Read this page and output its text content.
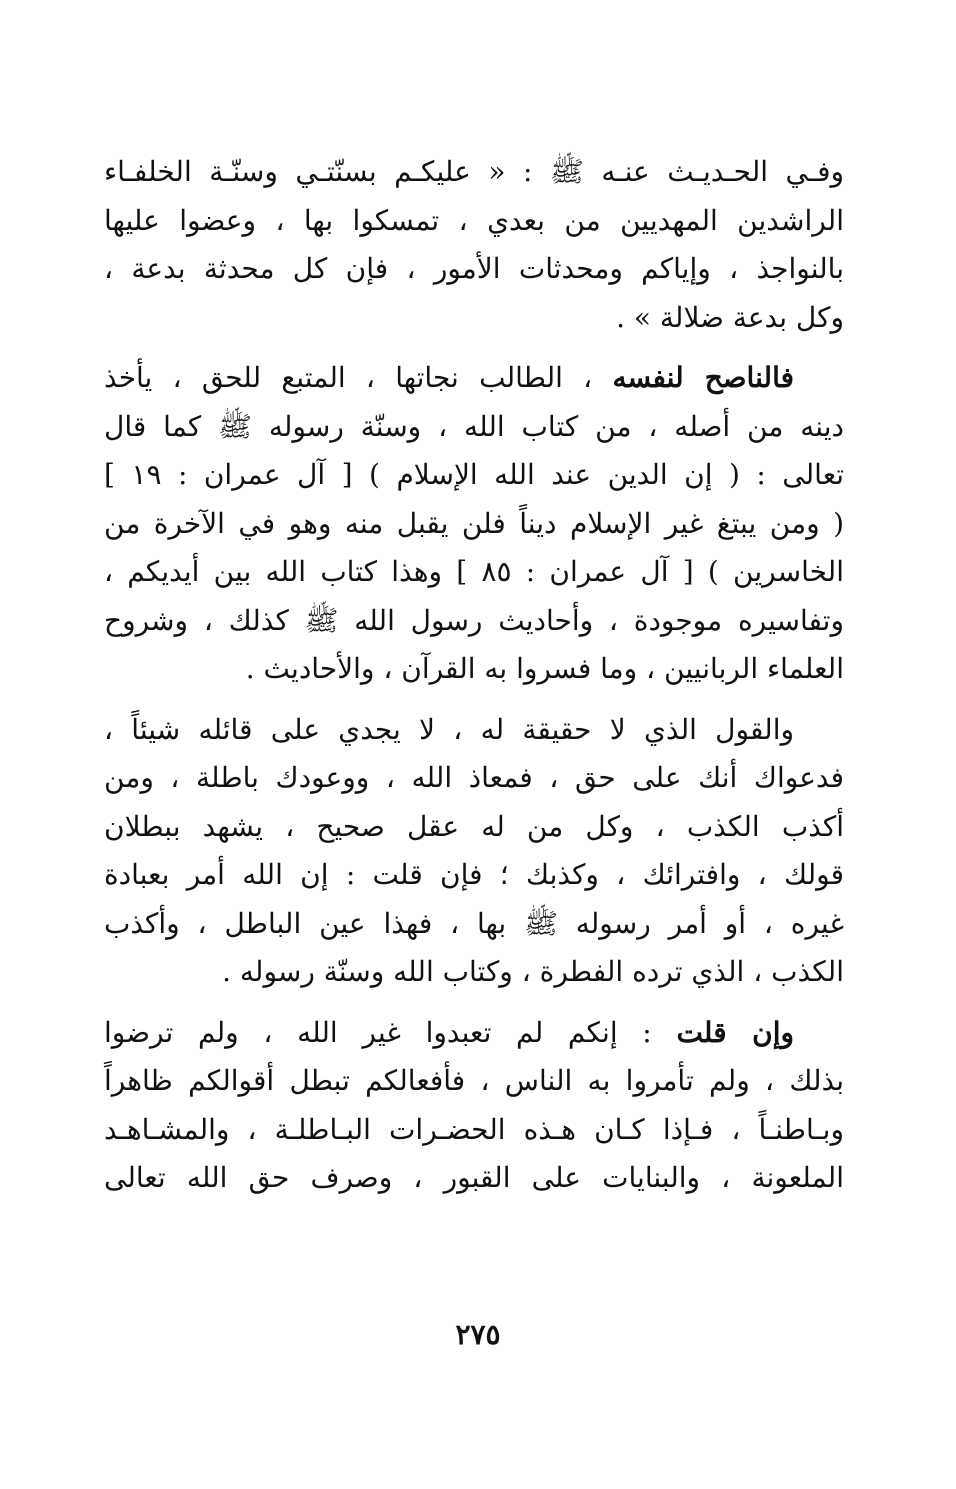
وفـي الحـديـث عنـه ﷺ : « عليكـم بسنّتـي وسنّـة الخلفـاء
الراشدين المهديين من بعدي ، تمسكوا بها ، وعضوا عليها
بالنواجذ ، وإياكم ومحدثات الأمور ، فإن كل محدثة بدعة ،
وكل بدعة ضلالة » .

فالناصح لنفسه ، الطالب نجاتها ، المتبع للحق ، يأخذ
دينه من أصله ، من كتاب الله ، وسنّة رسوله ﷺ كما قال
تعالى : ( إن الدين عند الله الإسلام ) [ آل عمران : ١٩ ]
( ومن يبتغ غير الإسلام ديناً فلن يقبل منه وهو في الآخرة من
الخاسرين ) [ آل عمران : ٨٥ ] وهذا كتاب الله بين أيديكم ،
وتفاسيره موجودة ، وأحاديث رسول الله ﷺ كذلك ، وشروح
العلماء الربانيين ، وما فسروا به القرآن ، والأحاديث .

والقول الذي لا حقيقة له ، لا يجدي على قائله شيئاً ،
فدعواك أنك على حق ، فمعاذ الله ، ووعودك باطلة ، ومن
أكذب الكذب ، وكل من له عقل صحيح ، يشهد ببطلان
قولك ، وافترائك ، وكذبك ؛ فإن قلت : إن الله أمر بعبادة
غيره ، أو أمر رسوله ﷺ بها ، فهذا عين الباطل ، وأكذب
الكذب ، الذي ترده الفطرة ، وكتاب الله وسنّة رسوله .

وإن قلت : إنكم لم تعبدوا غير الله ، ولم ترضوا
بذلك ، ولم تأمروا به الناس ، فأفعالكم تبطل أقوالكم ظاهراً
وبـاطنـاً ، فـإذا كـان هـذه الحضـرات البـاطلـة ، والمشـاهـد
الملعونة ، والبنايات على القبور ، وصرف حق الله تعالى

٢٧٥
